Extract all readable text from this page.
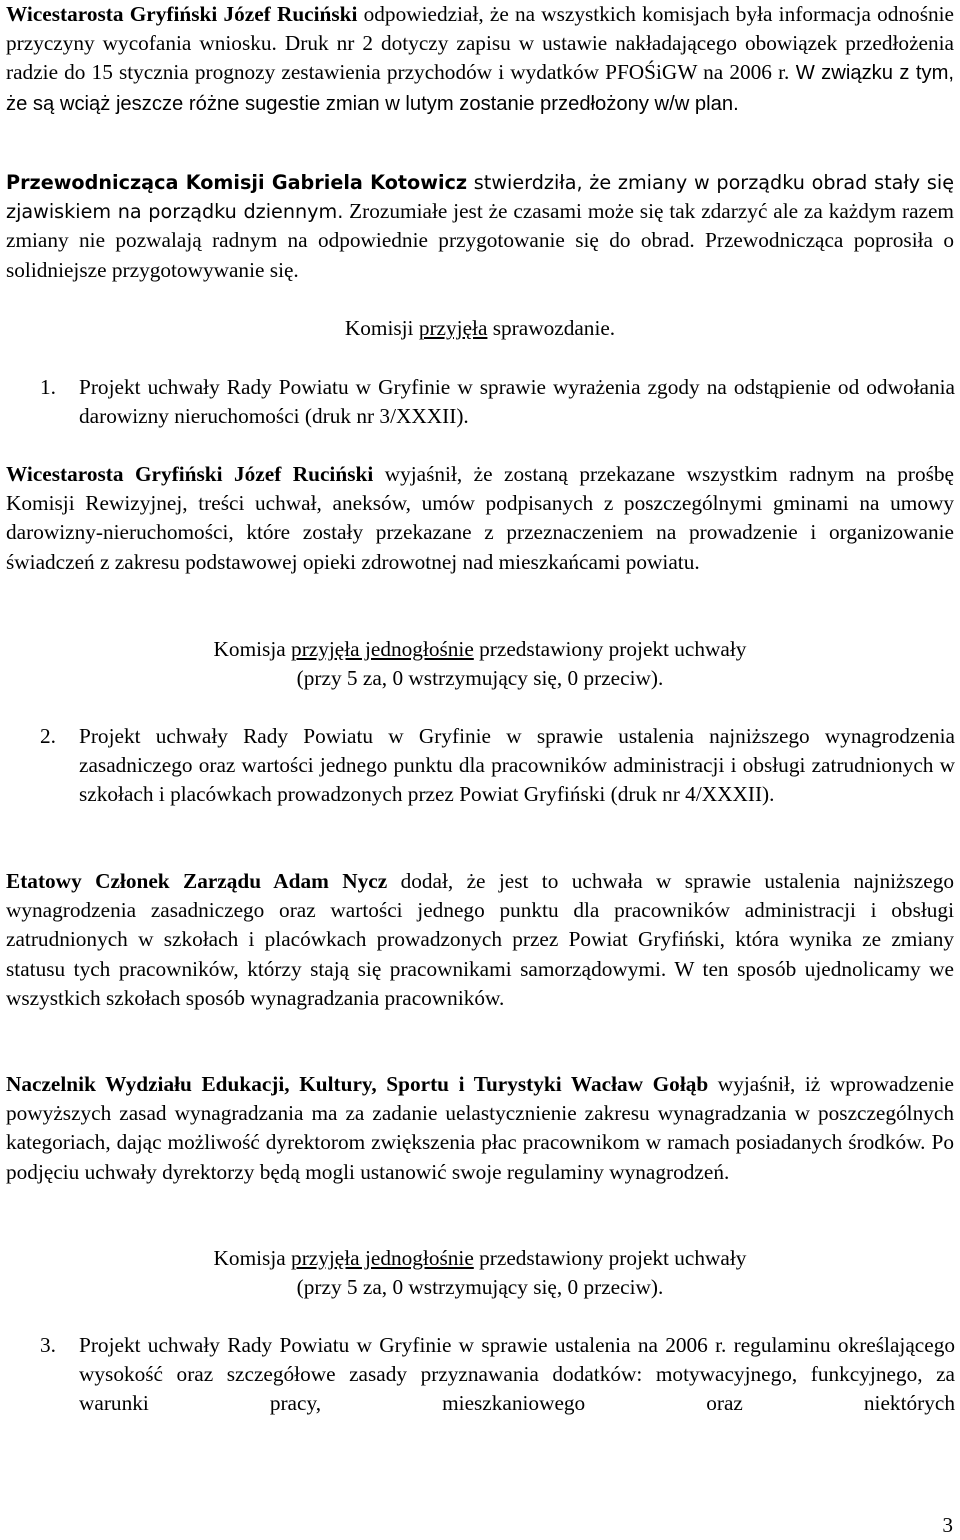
Wicestarosta Gryfiński Józef Ruciński odpowiedział, że na wszystkich komisjach była informacja odnośnie przyczyny wycofania wniosku. Druk nr 2 dotyczy zapisu w ustawie nakładającego obowiązek przedłożenia radzie do 15 stycznia prognozy zestawienia przychodów i wydatków PFOŚiGW na 2006 r. W związku z tym, że są wciąż jeszcze różne sugestie zmian w lutym zostanie przedłożony w/w plan.

Przewodnicząca Komisji Gabriela Kotowicz stwierdziła, że zmiany w porządku obrad stały się zjawiskiem na porządku dziennym. Zrozumiałe jest że czasami może się tak zdarzyć ale za każdym razem zmiany nie pozwalają radnym na odpowiednie przygotowanie się do obrad. Przewodnicząca poprosiła o solidniejsze przygotowywanie się.

Komisji przyjęła sprawozdanie.

1. Projekt uchwały Rady Powiatu w Gryfinie w sprawie wyrażenia zgody na odstąpienie od odwołania darowizny nieruchomości (druk nr 3/XXXII).

Wicestarosta Gryfiński Józef Ruciński wyjaśnił, że zostaną przekazane wszystkim radnym na prośbę Komisji Rewizyjnej, treści uchwał, aneksów, umów podpisanych z poszczególnymi gminami na umowy darowizny-nieruchomości, które zostały przekazane z przeznaczeniem na prowadzenie i organizowanie świadczeń z zakresu podstawowej opieki zdrowotnej nad mieszkańcami powiatu.

Komisja przyjęła jednogłośnie przedstawiony projekt uchwały
(przy 5 za, 0 wstrzymujący się, 0 przeciw).
2. Projekt uchwały Rady Powiatu w Gryfinie w sprawie ustalenia najniższego wynagrodzenia zasadniczego oraz wartości jednego punktu dla pracowników administracji i obsługi zatrudnionych w szkołach i placówkach prowadzonych przez Powiat Gryfiński (druk nr 4/XXXII).

Etatowy Członek Zarządu Adam Nycz dodał, że jest to uchwała w sprawie ustalenia najniższego wynagrodzenia zasadniczego oraz wartości jednego punktu dla pracowników administracji i obsługi zatrudnionych w szkołach i placówkach prowadzonych przez Powiat Gryfiński, która wynika ze zmiany statusu tych pracowników, którzy stają się pracownikami samorządowymi. W ten sposób ujednolicamy we wszystkich szkołach sposób wynagradzania pracowników.

Naczelnik Wydziału Edukacji, Kultury, Sportu i Turystyki Wacław Gołąb wyjaśnił, iż wprowadzenie powyższych zasad wynagradzania ma za zadanie uelastycznienie zakresu wynagradzania w poszczególnych kategoriach, dając możliwość dyrektorom zwiększenia płac pracownikom w ramach posiadanych środków. Po podjęciu uchwały dyrektorzy będą mogli ustanowić swoje regulaminy wynagrodzeń.

Komisja przyjęła jednogłośnie przedstawiony projekt uchwały
(przy 5 za, 0 wstrzymujący się, 0 przeciw).
3. Projekt uchwały Rady Powiatu w Gryfinie w sprawie ustalenia na 2006 r. regulaminu określającego wysokość oraz szczegółowe zasady przyznawania dodatków: motywacyjnego, funkcyjnego, za warunki pracy, mieszkaniowego oraz niektórych

3
